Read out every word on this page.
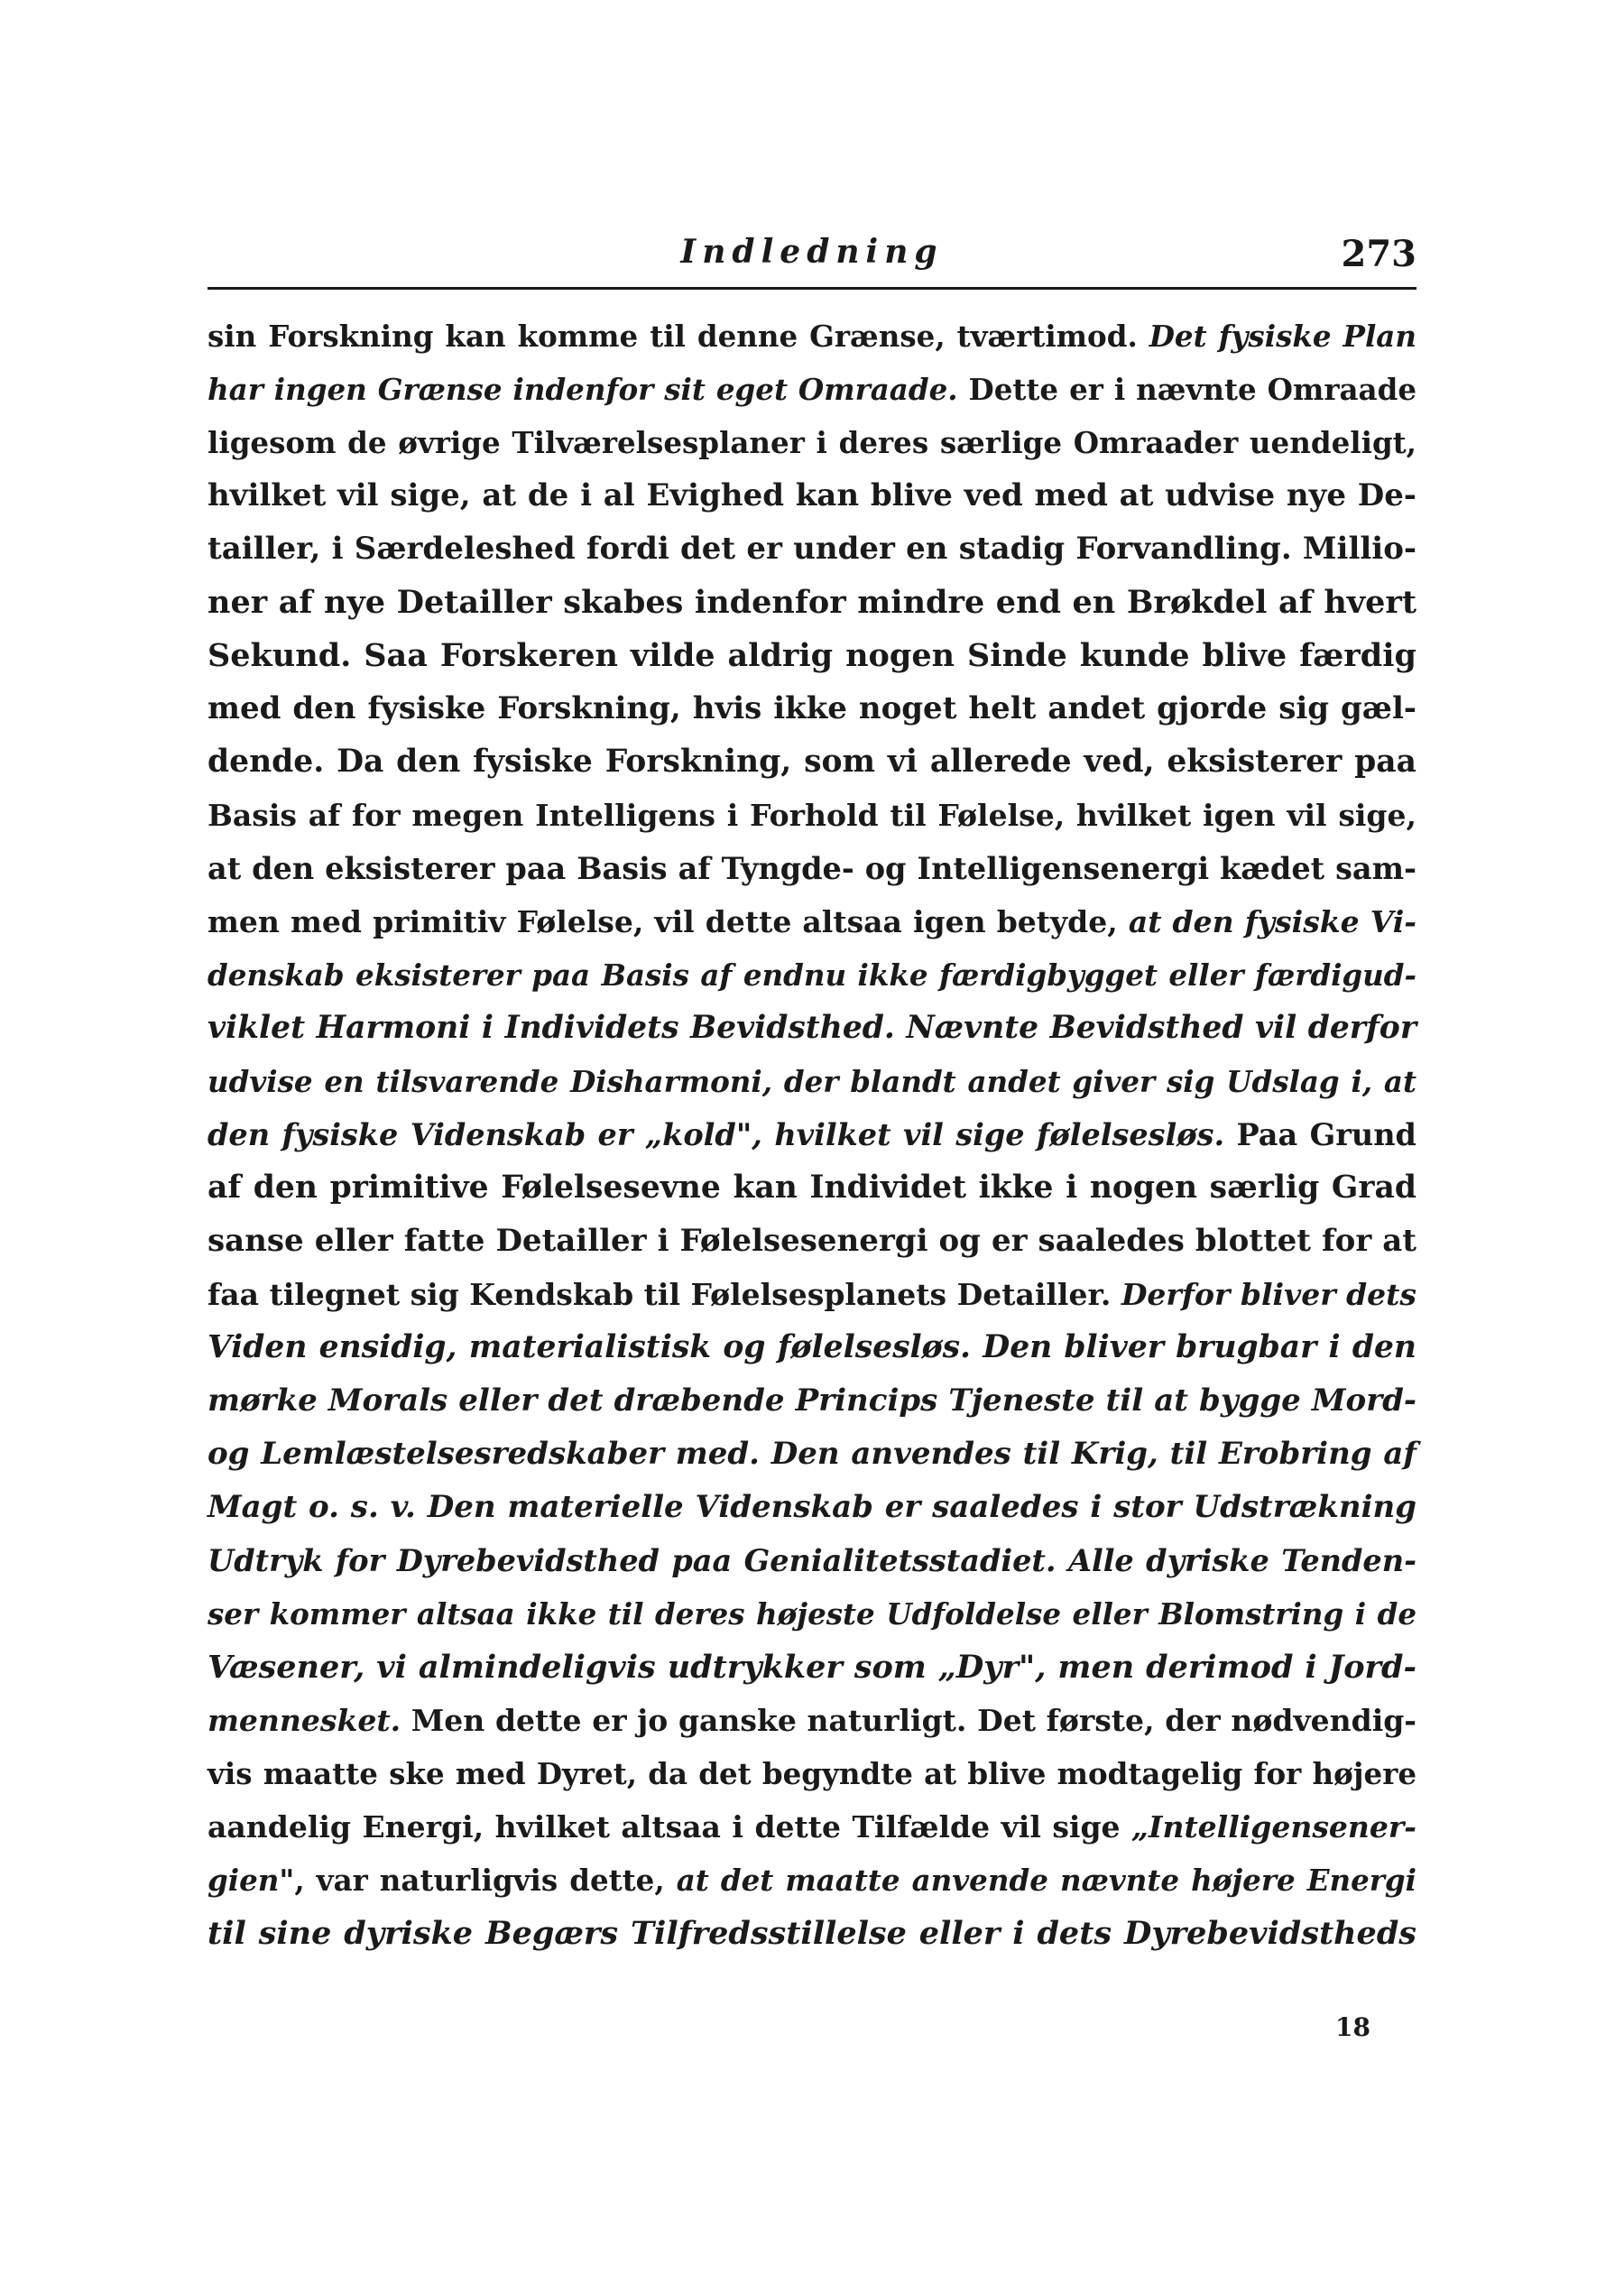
Indledning	273
sin Forskning kan komme til denne Grænse, tværtimod. Det fysiske Plan
har ingen Grænse indenfor sit eget Omraade. Dette er i nævnte Omraade
ligesom de øvrige Tilværelsesplaner i deres særlige Omraader uendeligt,
hvilket vil sige, at de i al Evighed kan blive ved med at udvise nye De-
tailler, i Særdeleshed fordi det er under en stadig Forvandling. Millio-
ner af nye Detailler skabes indenfor mindre end en Brøkdel af hvert
Sekund. Saa Forskeren vilde aldrig nogen Sinde kunde blive færdig
med den fysiske Forskning, hvis ikke noget helt andet gjorde sig gæl-
dende. Da den fysiske Forskning, som vi allerede ved, eksisterer paa
Basis af for megen Intelligens i Forhold til Følelse, hvilket igen vil sige,
at den eksisterer paa Basis af Tyngde- og Intelligensenergi kædet sam-
men med primitiv Følelse, vil dette altsaa igen betyde, at den fysiske Vi-
denskab eksisterer paa Basis af endnu ikke færdigbygget eller færdigud-
viklet Harmoni i Individets Bevidsthed. Nævnte Bevidsthed vil derfor
udvise en tilsvarende Disharmoni, der blandt andet giver sig Udslag i, at
den fysiske Videnskab er „kold", hvilket vil sige følelsesløs. Paa Grund
af den primitive Følelsesevne kan Individet ikke i nogen særlig Grad
sanse eller fatte Detailler i Følelsesenergi og er saaledes blottet for at
faa tilegnet sig Kendskab til Følelsesplanets Detailler. Derfor bliver dets
Viden ensidig, materialistisk og følelsesløs. Den bliver brugbar i den
mørke Morals eller det dræbende Princips Tjeneste til at bygge Mord-
og Lemlæstelsesredskaber med. Den anvendes til Krig, til Erobring af
Magt o. s. v. Den materielle Videnskab er saaledes i stor Udstrækning
Udtryk for Dyrebevidsthed paa Genialitetsstadiet. Alle dyriske Tenden-
ser kommer altsaa ikke til deres højeste Udfoldelse eller Blomstring i de
Væsener, vi almindeligvis udtrykker som „Dyr", men derimod i Jord-
mennesket. Men dette er jo ganske naturligt. Det første, der nødvendig-
vis maatte ske med Dyret, da det begyndte at blive modtagelig for højere
aandelig Energi, hvilket altsaa i dette Tilfælde vil sige „Intelligensener-
gien", var naturligvis dette, at det maatte anvende nævnte højere Energi
til sine dyriske Begærs Tilfredsstillelse eller i dets Dyrebevidstheds
18
